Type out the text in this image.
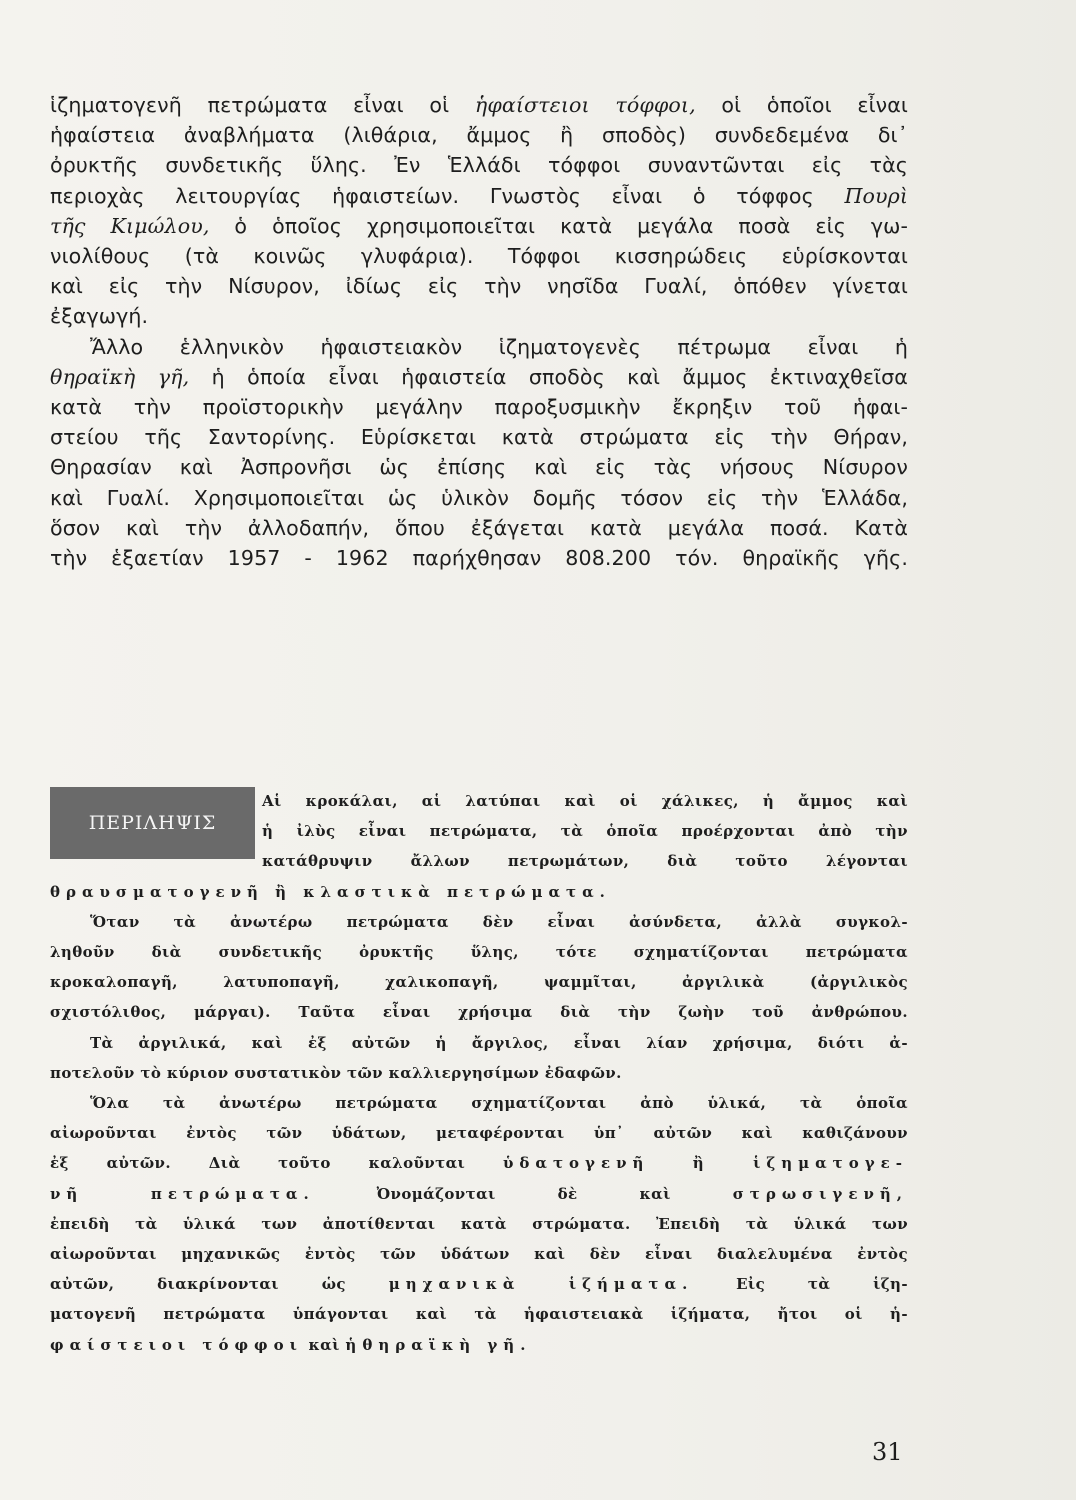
ἱζηματογενῆ πετρώματα εἶναι οἱ ἡφαίστειοι τόφφοι, οἱ ὁποῖοι εἶναι
ἡφαίστεια ἀναβλήματα (λιθάρια, ἄμμος ἢ σποδὸς) συνδεδεμένα δι᾽
ὀρυκτῆς συνδετικῆς ὕλης. Ἐν Ἑλλάδι τόφφοι συναντῶνται εἰς τὰς
περιοχὰς λειτουργίας ἡφαιστείων. Γνωστὸς εἶναι ὁ τόφφος Πουρὶ
τῆς Κιμώλου, ὁ ὁποῖος χρησιμοποιεῖται κατὰ μεγάλα ποσὰ εἰς γω-
νιολίθους (τὰ κοινῶς γλυφάρια). Τόφφοι κισσηρώδεις εὑρίσκονται
καὶ εἰς τὴν Νίσυρον, ἰδίως εἰς τὴν νησῖδα Γυαλί, ὁπόθεν γίνεται
ἐξαγωγή.
Ἄλλο ἑλληνικὸν ἡφαιστειακὸν ἱζηματογενὲς πέτρωμα εἶναι ἡ
θηραϊκὴ γῆ, ἡ ὁποία εἶναι ἡφαιστεία σποδὸς καὶ ἄμμος ἐκτιναχθεῖσα
κατὰ τὴν προϊστορικὴν μεγάλην παροξυσμικὴν ἔκρηξιν τοῦ ἡφαι-
στείου τῆς Σαντορίνης. Εὑρίσκεται κατὰ στρώματα εἰς τὴν Θήραν,
Θηρασίαν καὶ Ἀσπρονῆσι ὡς ἐπίσης καὶ εἰς τὰς νήσους Νίσυρον
καὶ Γυαλί. Χρησιμοποιεῖται ὡς ὑλικὸν δομῆς τόσον εἰς τὴν Ἑλλάδα,
ὅσον καὶ τὴν ἀλλοδαπήν, ὅπου ἐξάγεται κατὰ μεγάλα ποσά. Κατὰ
τὴν ἑξαετίαν 1957 - 1962 παρήχθησαν 808.200 τόν. θηραϊκῆς γῆς.
ΠΕΡΙΛΗΨΙΣ
Αἱ κροκάλαι, αἱ λατύπαι καὶ οἱ χάλικες, ἡ ἄμμος καὶ
ἡ ἰλὺς εἶναι πετρώματα, τὰ ὁποῖα προέρχονται ἀπὸ τὴν
κατάθρυψιν ἄλλων πετρωμάτων, διὰ τοῦτο λέγονται
θραυσματογενῆ ἢ κλαστικὰ πετρώματα.
Ὅταν τὰ ἀνωτέρω πετρώματα δὲν εἶναι ἀσύνδετα, ἀλλὰ συγκολ-
ληθοῦν διὰ συνδετικῆς ὀρυκτῆς ὕλης, τότε σχηματίζονται πετρώματα
κροκαλοπαγῆ, λατυποπαγῆ, χαλικοπαγῆ, ψαμμῖται, ἀργιλικὰ (ἀργιλικὸς
σχιστόλιθος, μάργαι). Ταῦτα εἶναι χρήσιμα διὰ τὴν ζωὴν τοῦ ἀνθρώπου.
Τὰ ἀργιλικά, καὶ ἐξ αὐτῶν ἡ ἄργιλος, εἶναι λίαν χρήσιμα, διότι ἀ-
ποτελοῦν τὸ κύριον συστατικὸν τῶν καλλιεργησίμων ἐδαφῶν.
Ὅλα τὰ ἀνωτέρω πετρώματα σχηματίζονται ἀπὸ ὑλικά, τὰ ὁποῖα
αἰωροῦνται ἐντὸς τῶν ὑδάτων, μεταφέρονται ὑπ᾽ αὐτῶν καὶ καθιζάνουν
ἐξ αὐτῶν. Διὰ τοῦτο καλοῦνται ὑδατογενῆ ἢ ἱζηματογε-
νῆ πετρώματα. Ὀνομάζονται δὲ καὶ στρωσιγενῆ,
ἐπειδὴ τὰ ὑλικά των ἀποτίθενται κατὰ στρώματα. Ἐπειδὴ τὰ ὑλικά των
αἰωροῦνται μηχανικῶς ἐντὸς τῶν ὑδάτων καὶ δὲν εἶναι διαλελυμένα ἐντὸς
αὐτῶν, διακρίνονται ὡς μηχανικὰ ἱζήματα. Εἰς τὰ ἱζη-
ματογενῆ πετρώματα ὑπάγονται καὶ τὰ ἡφαιστειακὰ ἱζήματα, ἤτοι οἱ ἡ-
φαίστειοι τόφφοι καὶ ἡ θηραϊκὴ γῆ.
31
